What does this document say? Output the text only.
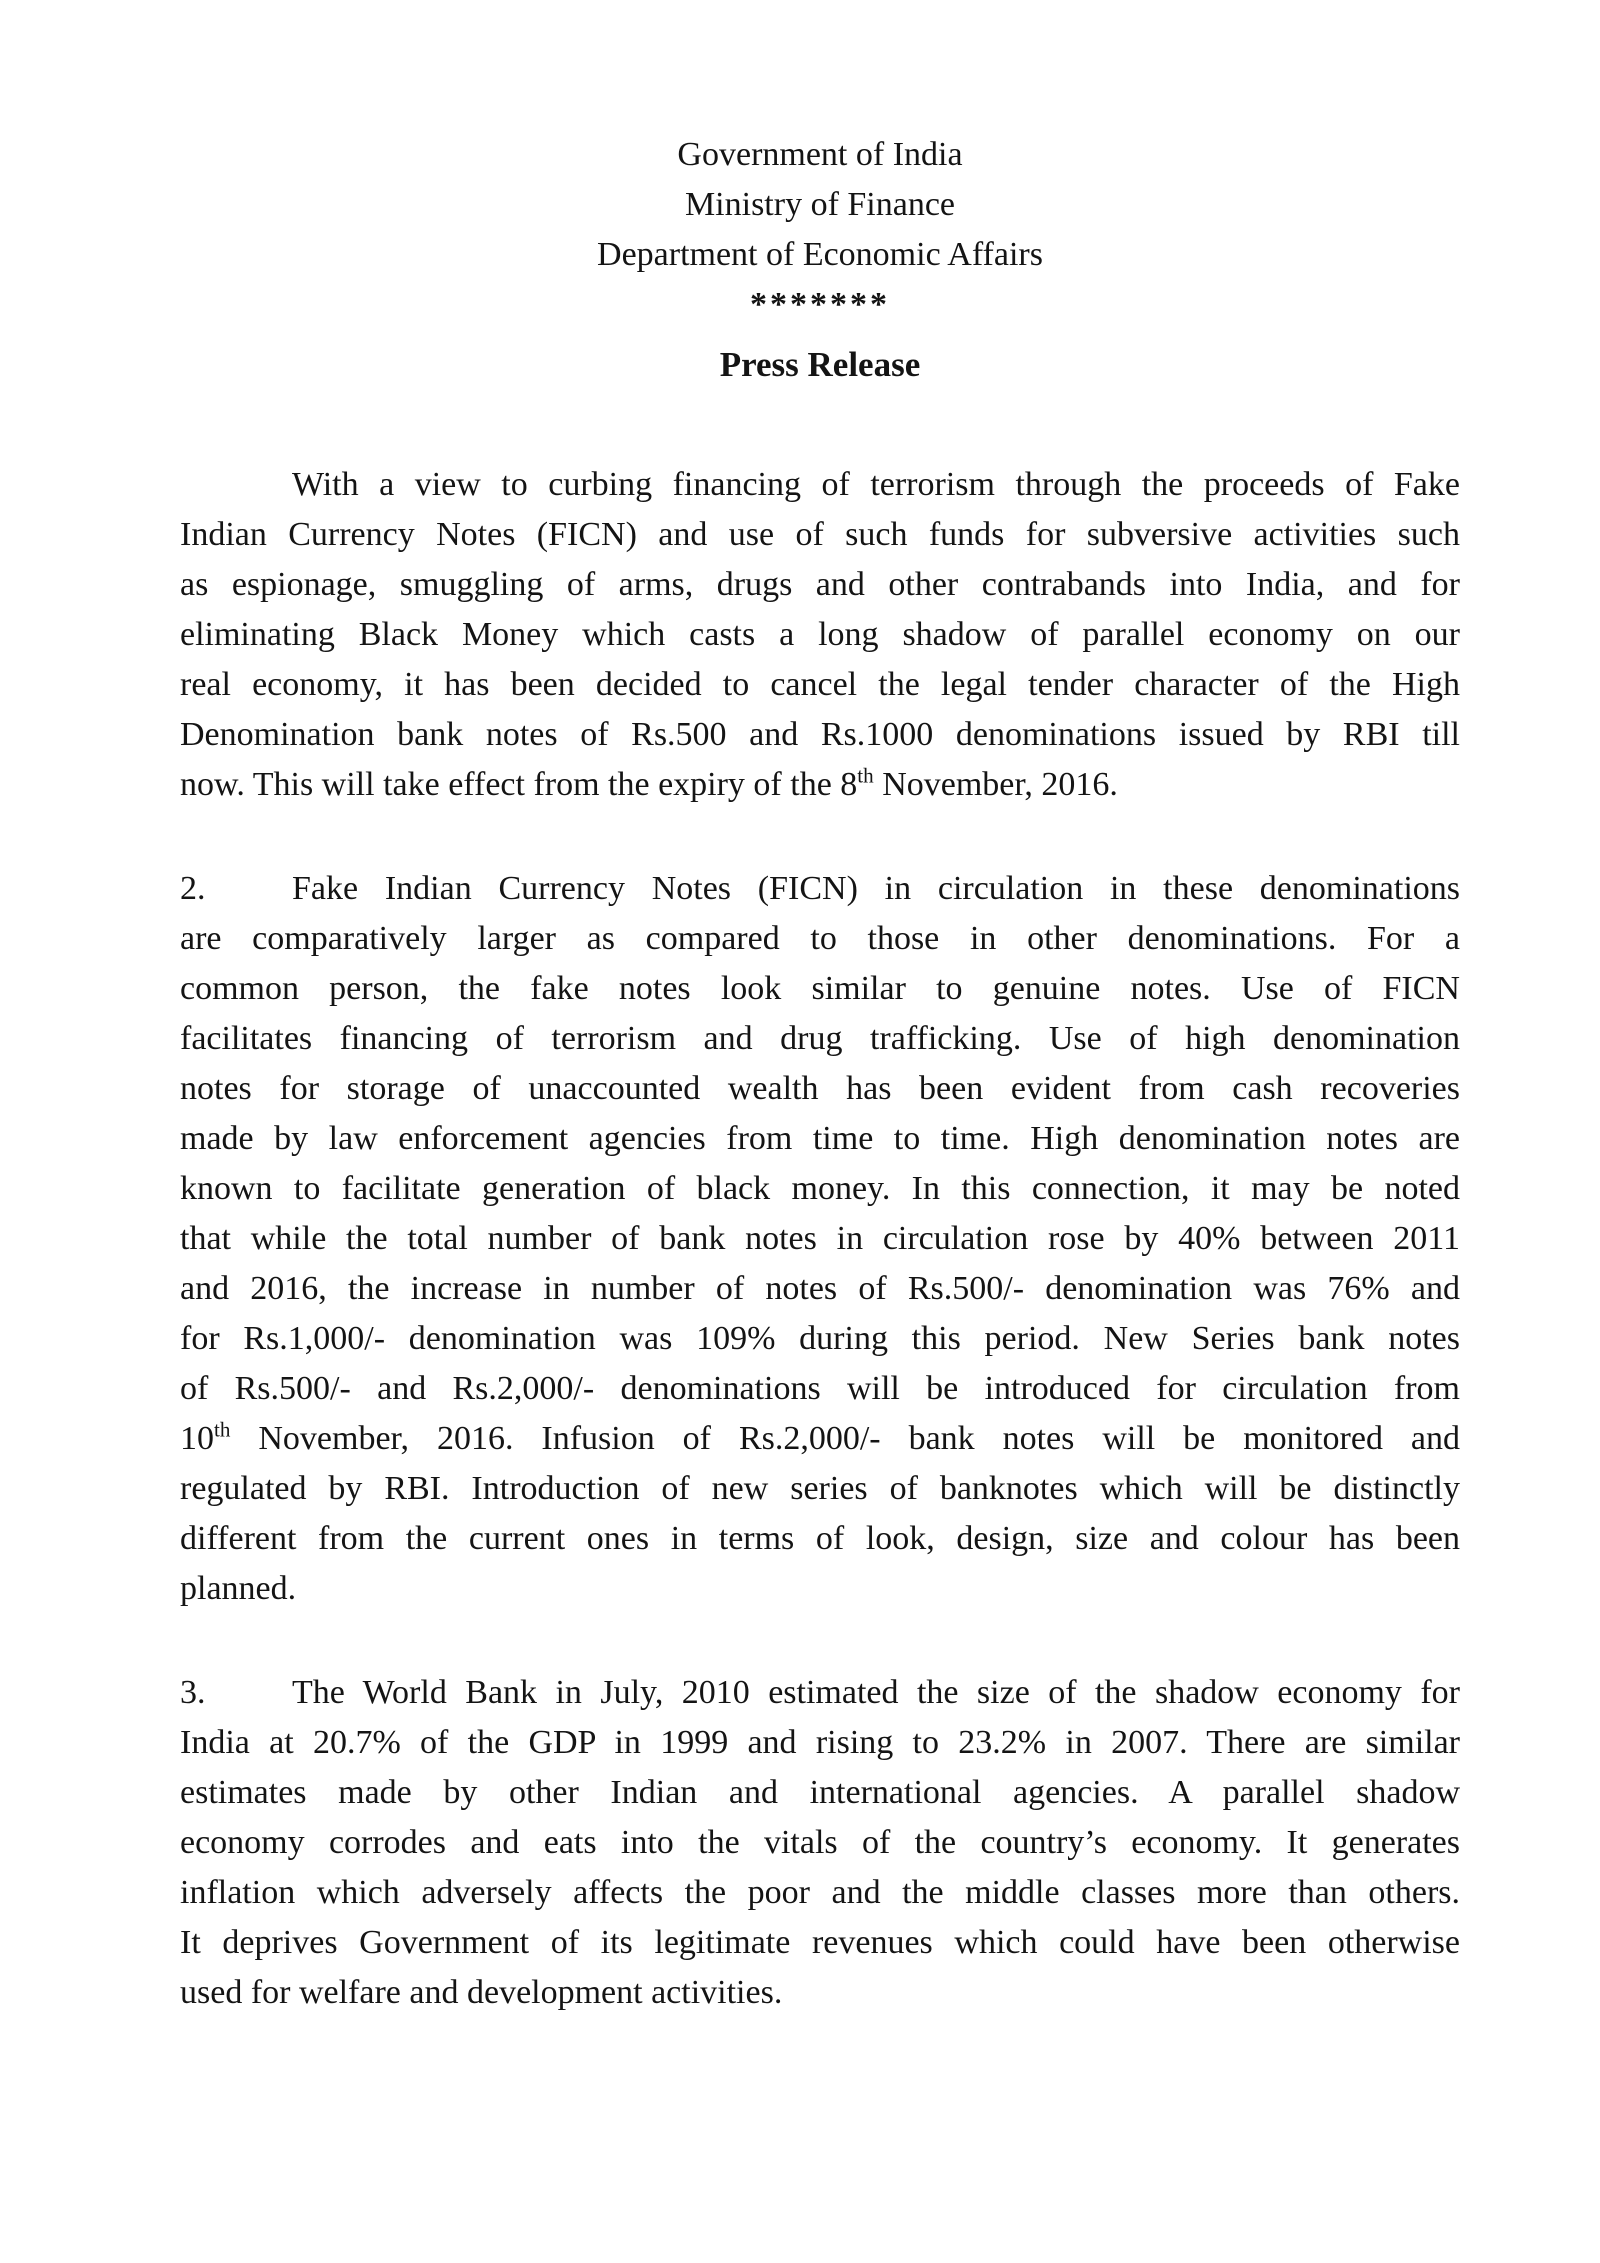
Government of India
Ministry of Finance
Department of Economic Affairs
*******
Press Release
With a view to curbing financing of terrorism through the proceeds of Fake
Indian Currency Notes (FICN) and use of such funds for subversive activities such
as espionage, smuggling of arms, drugs and other contrabands into India, and for
eliminating Black Money which casts a long shadow of parallel economy on our
real economy, it has been decided to cancel the legal tender character of the High
Denomination bank notes of Rs.500 and Rs.1000 denominations issued by RBI till
now. This will take effect from the expiry of the 8th November, 2016.
2.	Fake Indian Currency Notes (FICN) in circulation in these denominations
are comparatively larger as compared to those in other denominations. For a
common person, the fake notes look similar to genuine notes. Use of FICN
facilitates financing of terrorism and drug trafficking. Use of high denomination
notes for storage of unaccounted wealth has been evident from cash recoveries
made by law enforcement agencies from time to time. High denomination notes are
known to facilitate generation of black money. In this connection, it may be noted
that while the total number of bank notes in circulation rose by 40% between 2011
and 2016, the increase in number of notes of Rs.500/- denomination was 76% and
for Rs.1,000/- denomination was 109% during this period. New Series bank notes
of Rs.500/- and Rs.2,000/- denominations will be introduced for circulation from
10th November, 2016. Infusion of Rs.2,000/- bank notes will be monitored and
regulated by RBI. Introduction of new series of banknotes which will be distinctly
different from the current ones in terms of look, design, size and colour has been
planned.
3.	The World Bank in July, 2010 estimated the size of the shadow economy for
India at 20.7% of the GDP in 1999 and rising to 23.2% in 2007. There are similar
estimates made by other Indian and international agencies. A parallel shadow
economy corrodes and eats into the vitals of the country’s economy. It generates
inflation which adversely affects the poor and the middle classes more than others.
It deprives Government of its legitimate revenues which could have been otherwise
used for welfare and development activities.
